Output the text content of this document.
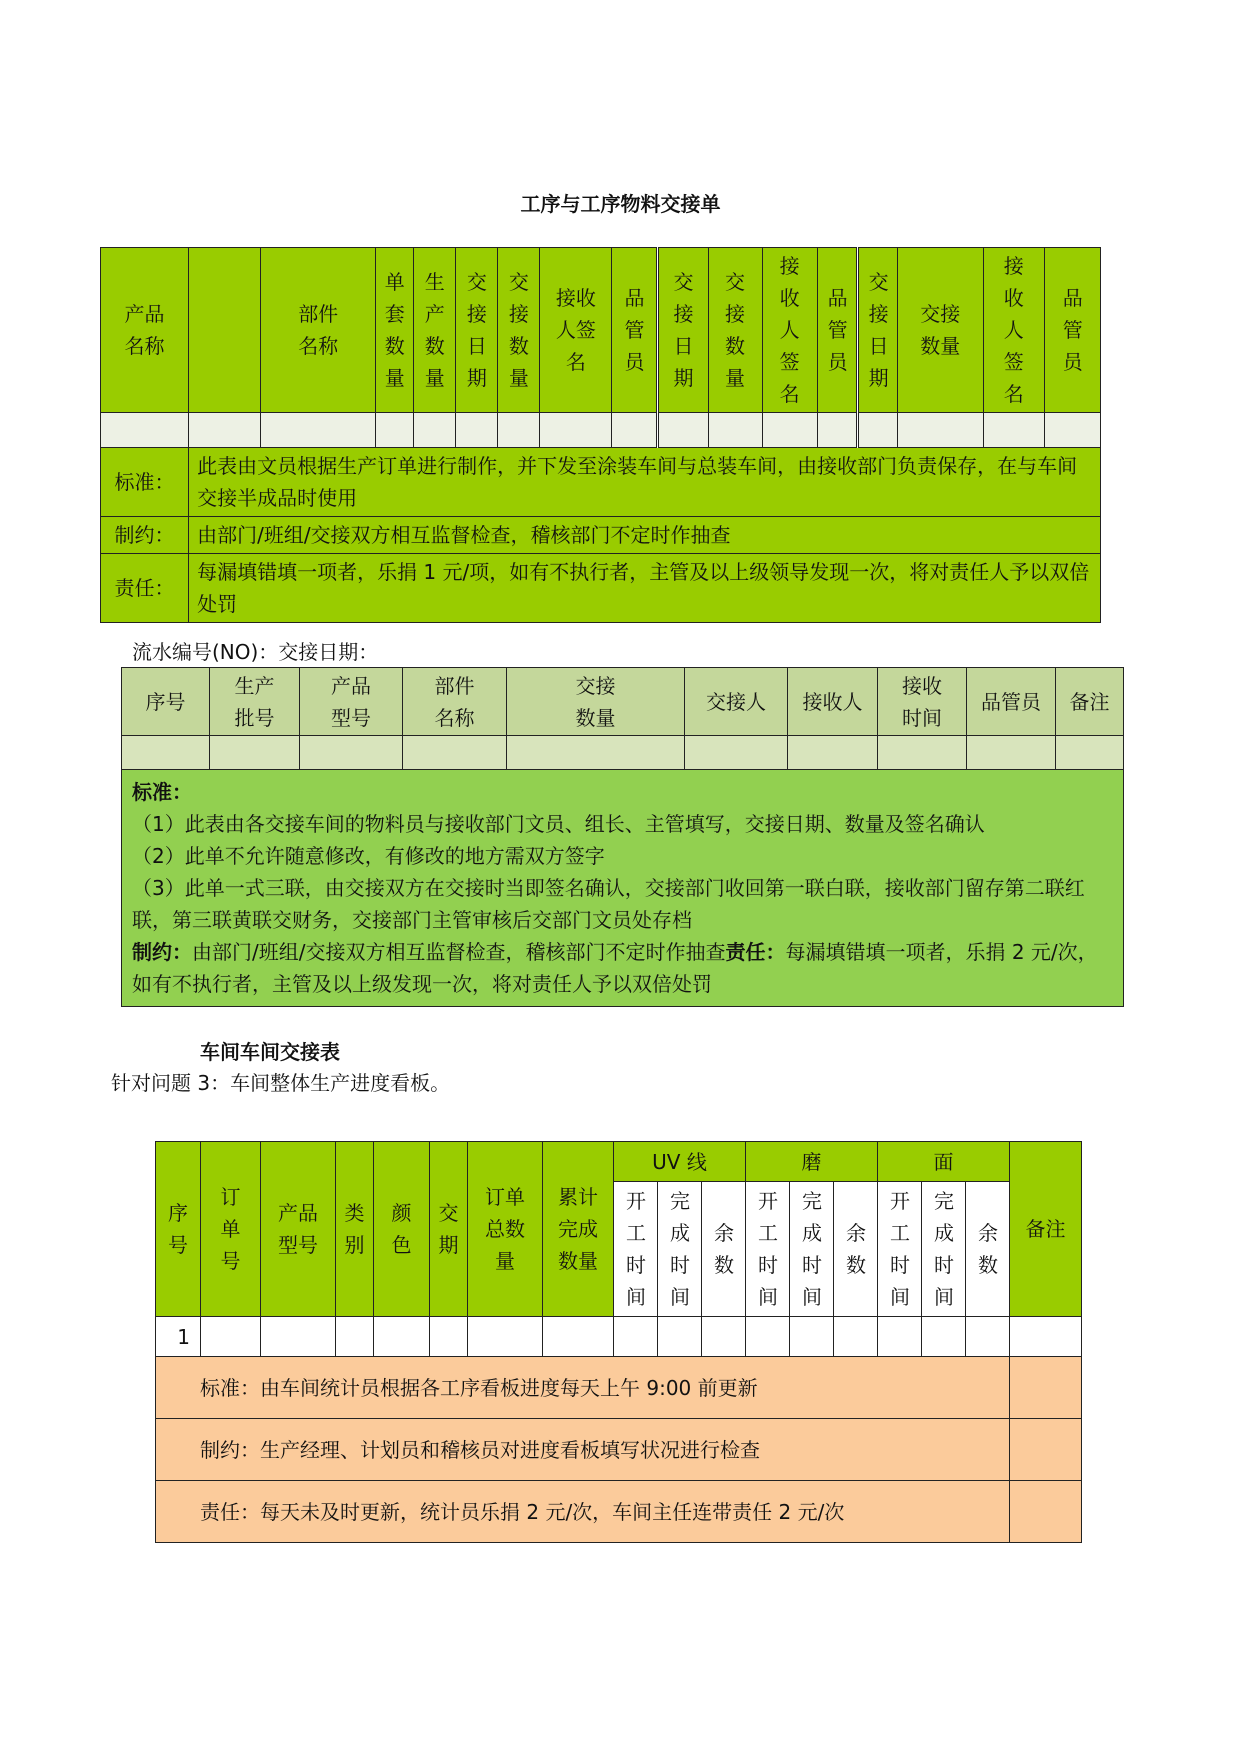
工序与工序物料交接单
产品名称		部件名称	单套数量	生产数量	交接日期	交接数量	接收人签名	品管员	交接日期	交接数量	接收人签名	品管员	交接日期	交接数量	接收人签名	品管员

标准：	此表由文员根据生产订单进行制作，并下发至涂装车间与总装车间，由接收部门负责保存，在与车间交接半成品时使用															
制约：	由部门/班组/交接双方相互监督检查，稽核部门不定时作抽查															
责任：	每漏填错填一项者，乐捐 1 元/项，如有不执行者，主管及以上级领导发现一次，将对责任人予以双倍处罚															
流水编号(NO)：交接日期：
序号	生产批号	产品型号	部件名称	交接数量	交接人	接收人	接收时间	品管员	备注

标准：
（1）此表由各交接车间的物料员与接收部门文员、组长、主管填写，交接日期、数量及签名确认
（2）此单不允许随意修改，有修改的地方需双方签字
（3）此单一式三联，由交接双方在交接时当即签名确认，交接部门收回第一联白联，接收部门留存第二联红联，第三联黄联交财务，交接部门主管审核后交部门文员处存档
制约：由部门/班组/交接双方相互监督检查，稽核部门不定时作抽查责任：每漏填错填一项者，乐捐 2 元/次，如有不执行者，主管及以上级发现一次，将对责任人予以双倍处罚									
车间车间交接表
针对问题 3：车间整体生产进度看板。
序号	订单号	产品型号	类别	颜色	交期	订单总数量	累计完成数量	UV 线			磨			面			备注
								开工时间	完成时间	余数	开工时间	完成时间	余数	开工时间	完成时间	余数	
1																	
标准：由车间统计员根据各工序看板进度每天上午 9:00 前更新																	
制约：生产经理、计划员和稽核员对进度看板填写状况进行检查																	
责任：每天未及时更新，统计员乐捐 2 元/次，车间主任连带责任 2 元/次																	
